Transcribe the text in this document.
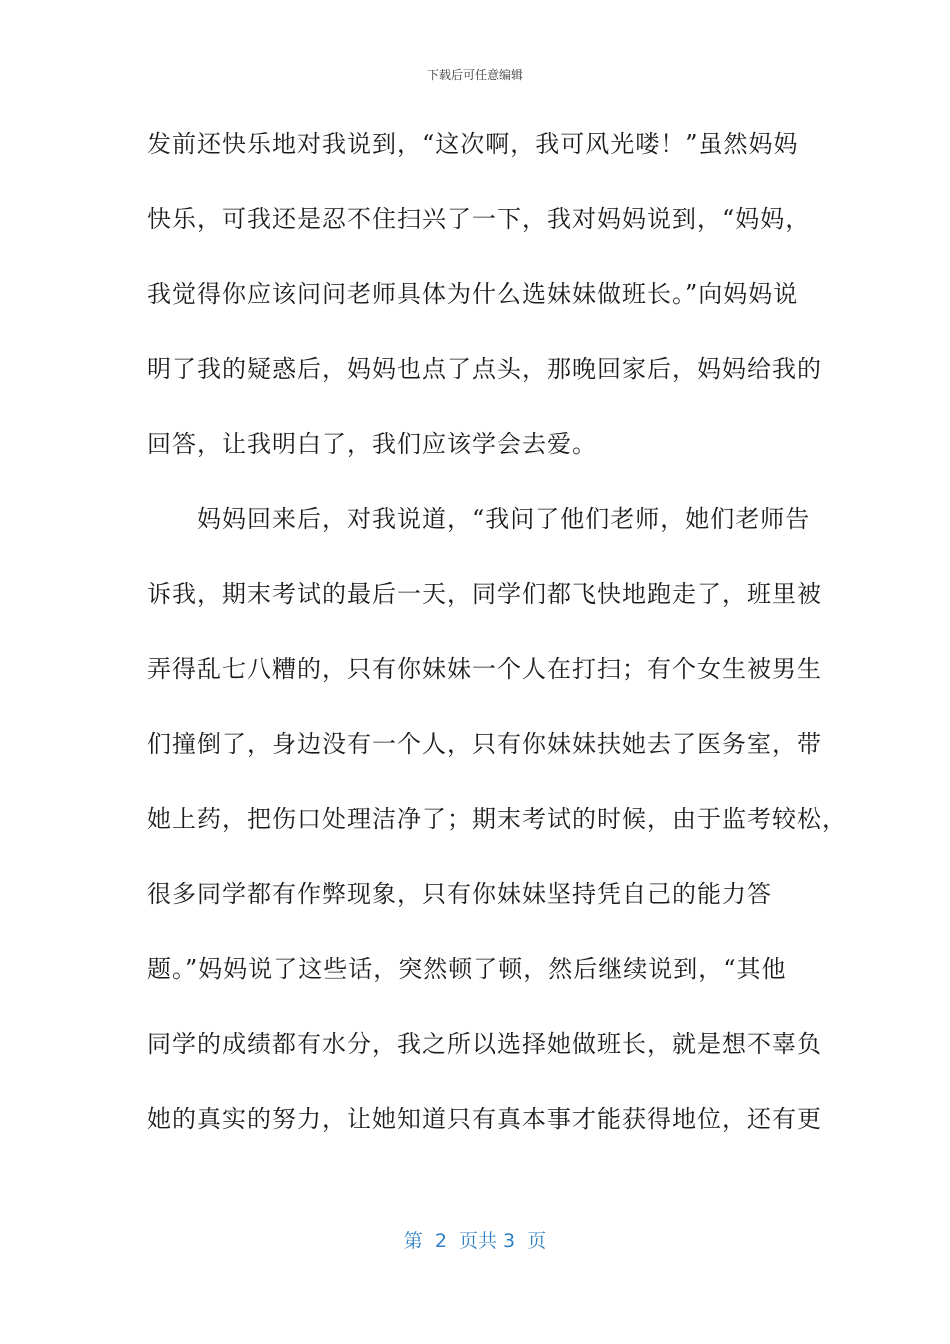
下载后可任意编辑
发前还快乐地对我说到，“这次啊，我可风光喽！”虽然妈妈
快乐，可我还是忍不住扫兴了一下，我对妈妈说到，“妈妈，
我觉得你应该问问老师具体为什么选妹妹做班长。”向妈妈说
明了我的疑惑后，妈妈也点了点头，那晚回家后，妈妈给我的
回答，让我明白了，我们应该学会去爱。
　　妈妈回来后，对我说道，“我问了他们老师，她们老师告
诉我，期末考试的最后一天，同学们都飞快地跑走了，班里被
弄得乱七八糟的，只有你妹妹一个人在打扫；有个女生被男生
们撞倒了，身边没有一个人，只有你妹妹扶她去了医务室，带
她上药，把伤口处理洁净了；期末考试的时候，由于监考较松，
很多同学都有作弊现象，只有你妹妹坚持凭自己的能力答
题。”妈妈说了这些话，突然顿了顿，然后继续说到，“其他
同学的成绩都有水分，我之所以选择她做班长，就是想不辜负
她的真实的努力，让她知道只有真本事才能获得地位，还有更
第  2  页共 3  页
